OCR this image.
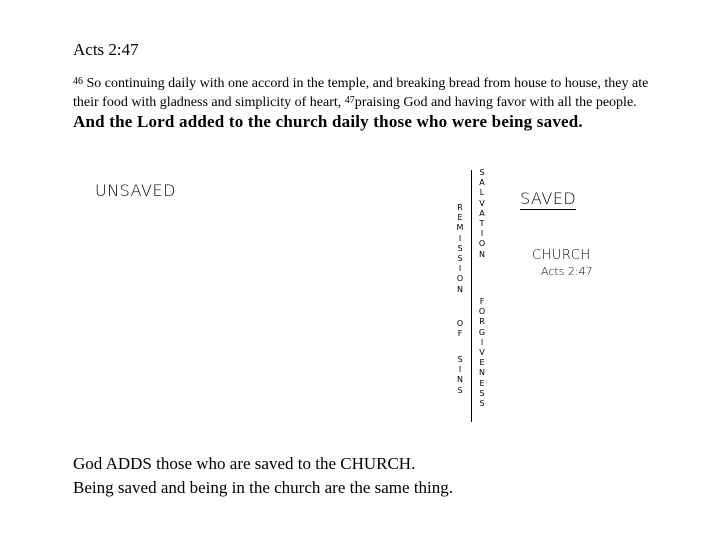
Acts 2:47
$^{46}$ So continuing daily with one accord in the temple, and breaking bread from house to house, they ate their food with gladness and simplicity of heart, $^{47}$praising God and having favor with all the people. And the Lord added to the church daily those who were being saved.
UNSAVED	SAVED
CHURCH
Acts 2:47
R
E
M
I
S
S
I
O
N
O
F
S
I
N
S
S
A
L
V
A
T
I
O
N
F
O
R
G
I
V
E
N
E
S
S
God ADDS those who are saved to the CHURCH.
Being saved and being in the church are the same thing.
